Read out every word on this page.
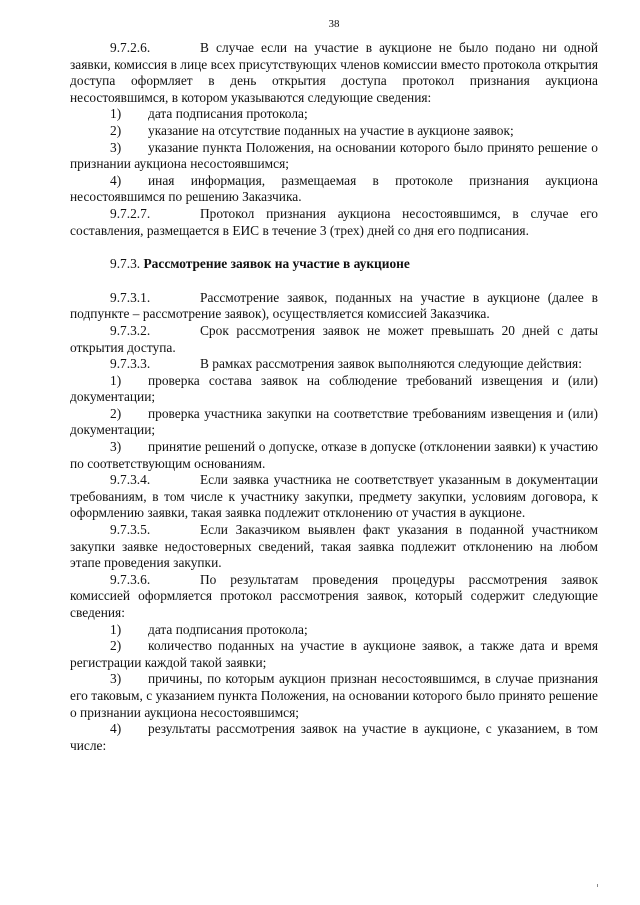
38

9.7.2.6.	В случае если на участие в аукционе не было подано ни одной заявки, комиссия в лице всех присутствующих членов комиссии вместо протокола открытия доступа оформляет в день открытия доступа протокол признания аукциона несостоявшимся, в котором указываются следующие сведения:

1) дата подписания протокола;

2) указание на отсутствие поданных на участие в аукционе заявок;

3) указание пункта Положения, на основании которого было принято решение о признании аукциона несостоявшимся;

4) иная информация, размещаемая в протоколе признания аукциона несостоявшимся по решению Заказчика.

9.7.2.7.	Протокол признания аукциона несостоявшимся, в случае его составления, размещается в ЕИС в течение 3 (трех) дней со дня его подписания.

9.7.3. Рассмотрение заявок на участие в аукционе

9.7.3.1.	Рассмотрение заявок, поданных на участие в аукционе (далее в подпункте – рассмотрение заявок), осуществляется комиссией Заказчика.

9.7.3.2.	Срок рассмотрения заявок не может превышать 20 дней с даты открытия доступа.

9.7.3.3.	В рамках рассмотрения заявок выполняются следующие действия:

1) проверка состава заявок на соблюдение требований извещения и (или) документации;

2) проверка участника закупки на соответствие требованиям извещения и (или) документации;

3) принятие решений о допуске, отказе в допуске (отклонении заявки) к участию по соответствующим основаниям.

9.7.3.4.	Если заявка участника не соответствует указанным в документации требованиям, в том числе к участнику закупки, предмету закупки, условиям договора, к оформлению заявки, такая заявка подлежит отклонению от участия в аукционе.

9.7.3.5.	Если Заказчиком выявлен факт указания в поданной участником закупки заявке недостоверных сведений, такая заявка подлежит отклонению на любом этапе проведения закупки.

9.7.3.6.	По результатам проведения процедуры рассмотрения заявок комиссией оформляется протокол рассмотрения заявок, который содержит следующие сведения:

1) дата подписания протокола;

2) количество поданных на участие в аукционе заявок, а также дата и время регистрации каждой такой заявки;

3) причины, по которым аукцион признан несостоявшимся, в случае признания его таковым, с указанием пункта Положения, на основании которого было принято решение о признании аукциона несостоявшимся;

4) результаты рассмотрения заявок на участие в аукционе, с указанием, в том числе:
